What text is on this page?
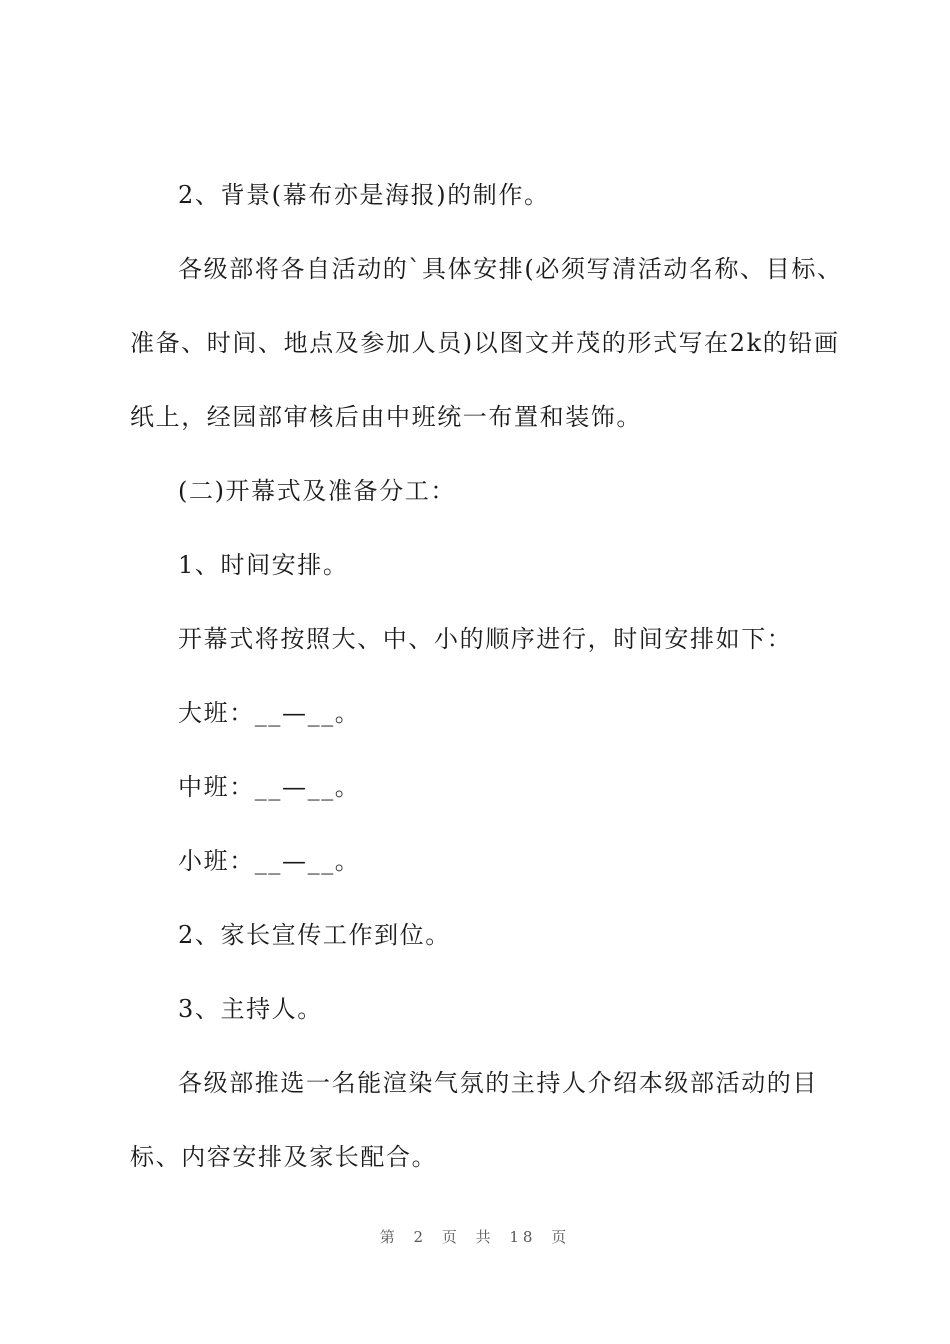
2、背景(幕布亦是海报)的制作。

各级部将各自活动的`具体安排(必须写清活动名称、目标、准备、时间、地点及参加人员)以图文并茂的形式写在2k的铅画纸上，经园部审核后由中班统一布置和装饰。

(二)开幕式及准备分工：

1、时间安排。

开幕式将按照大、中、小的顺序进行，时间安排如下：

大班：__—__。

中班：__—__。

小班：__—__。

2、家长宣传工作到位。

3、主持人。

各级部推选一名能渲染气氛的主持人介绍本级部活动的目标、内容安排及家长配合。

第 2 页 共 18 页
